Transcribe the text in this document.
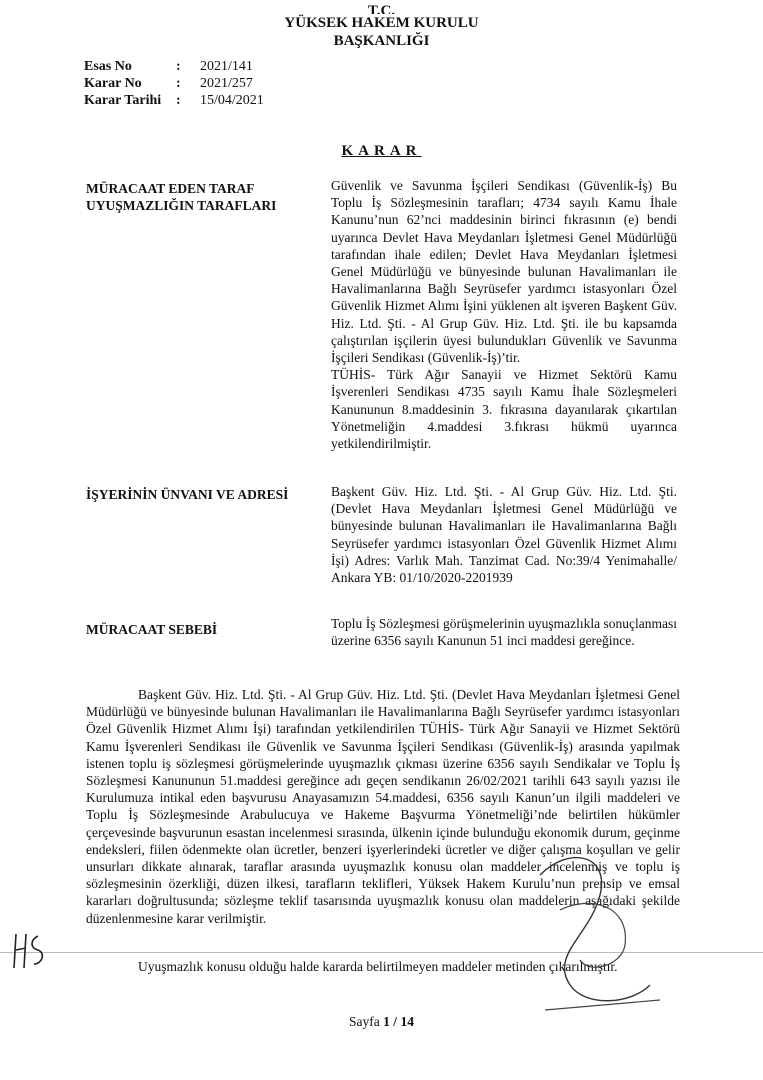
T.C.
YÜKSEK HAKEM KURULU
BAŞKANLIĞI
Esas No	:	2021/141
Karar No	:	2021/257
Karar Tarihi	:	15/04/2021
KARAR
MÜRACAAT EDEN TARAF
UYUŞMAZLIĞIN TARAFLARI
Güvenlik ve Savunma İşçileri Sendikası (Güvenlik-İş) Bu Toplu İş Sözleşmesinin tarafları; 4734 sayılı Kamu İhale Kanunu’nun 62’nci maddesinin birinci fıkrasının (e) bendi uyarınca Devlet Hava Meydanları İşletmesi Genel Müdürlüğü tarafından ihale edilen; Devlet Hava Meydanları İşletmesi Genel Müdürlüğü ve bünyesinde bulunan Havalimanları ile Havalimanlarına Bağlı Seyrüsefer yardımcı istasyonları Özel Güvenlik Hizmet Alımı İşini yüklenen alt işveren Başkent Güv. Hiz. Ltd. Şti. - Al Grup Güv. Hiz. Ltd. Şti. ile bu kapsamda çalıştırılan işçilerin üyesi bulundukları Güvenlik ve Savunma İşçileri Sendikası (Güvenlik-İş)’tir.
TÜHİS- Türk Ağır Sanayii ve Hizmet Sektörü Kamu İşverenleri Sendikası 4735 sayılı Kamu İhale Sözleşmeleri Kanununun 8.maddesinin 3. fıkrasına dayanılarak çıkartılan Yönetmeliğin 4.maddesi 3.fıkrası hükmü uyarınca yetkilendirilmiştir.
İŞYERİNİN ÜNVANI VE ADRESİ	Başkent Güv. Hiz. Ltd. Şti. - Al Grup Güv. Hiz. Ltd. Şti. (Devlet Hava Meydanları İşletmesi Genel Müdürlüğü ve bünyesinde bulunan Havalimanları ile Havalimanlarına Bağlı Seyrüsefer yardımcı istasyonları Özel Güvenlik Hizmet Alımı İşi) Adres: Varlık Mah. Tanzimat Cad. No:39/4 Yenimahalle/ Ankara YB: 01/10/2020-2201939
MÜRACAAT SEBEBİ	Toplu İş Sözleşmesi görüşmelerinin uyuşmazlıkla sonuçlanması üzerine 6356 sayılı Kanunun 51 inci maddesi gereğince.
Başkent Güv. Hiz. Ltd. Şti. - Al Grup Güv. Hiz. Ltd. Şti. (Devlet Hava Meydanları İşletmesi Genel Müdürlüğü ve bünyesinde bulunan Havalimanları ile Havalimanlarına Bağlı Seyrüsefer yardımcı istasyonları Özel Güvenlik Hizmet Alımı İşi) tarafından yetkilendirilen TÜHİS- Türk Ağır Sanayii ve Hizmet Sektörü Kamu İşverenleri Sendikası ile Güvenlik ve Savunma İşçileri Sendikası (Güvenlik-İş) arasında yapılmak istenen toplu iş sözleşmesi görüşmelerinde uyuşmazlık çıkması üzerine 6356 sayılı Sendikalar ve Toplu İş Sözleşmesi Kanununun 51.maddesi gereğince adı geçen sendikanın 26/02/2021 tarihli 643 sayılı yazısı ile Kurulumuza intikal eden başvurusu Anayasamızın 54.maddesi, 6356 sayılı Kanun’un ilgili maddeleri ve Toplu İş Sözleşmesinde Arabulucuya ve Hakeme Başvurma Yönetmeliği’nde belirtilen hükümler çerçevesinde başvurunun esastan incelenmesi sırasında, ülkenin içinde bulunduğu ekonomik durum, geçinme endeksleri, fiilen ödenmekte olan ücretler, benzeri işyerlerindeki ücretler ve diğer çalışma koşulları ve gelir unsurları dikkate alınarak, taraflar arasında uyuşmazlık konusu olan maddeler incelenmiş ve toplu iş sözleşmesinin özerkliği, düzen ilkesi, tarafların teklifleri, Yüksek Hakem Kurulu’nun prensip ve emsal kararları doğrultusunda; sözleşme teklif tasarısında uyuşmazlık konusu olan maddelerin aşağıdaki şekilde düzenlenmesine karar verilmiştir.
Uyuşmazlık konusu olduğu halde kararda belirtilmeyen maddeler metinden çıkarılmıştır.
Sayfa 1 / 14
